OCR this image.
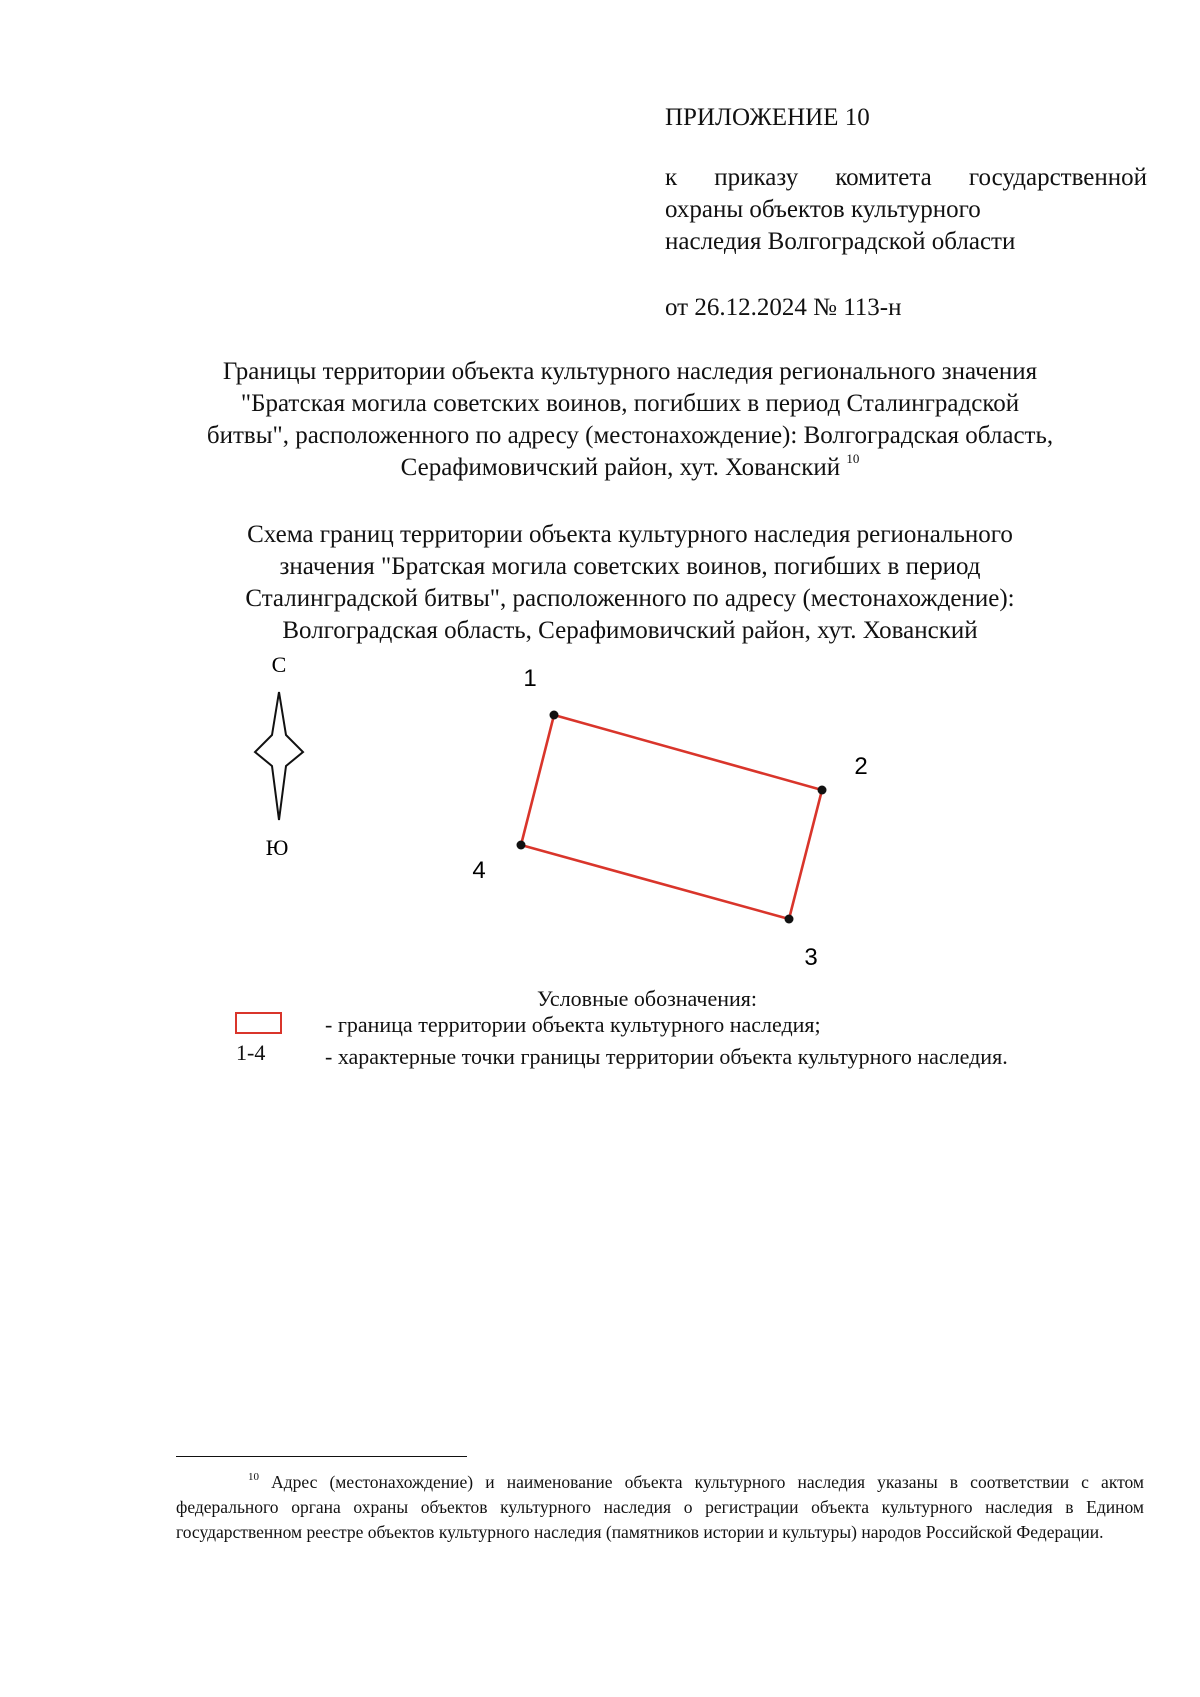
ПРИЛОЖЕНИЕ 10
к приказу комитета государственной
охраны объектов культурного
наследия Волгоградской области
от 26.12.2024 № 113-н
Границы территории объекта культурного наследия регионального значения
"Братская могила советских воинов, погибших в период Сталинградской
битвы", расположенного по адресу (местонахождение): Волгоградская область,
Серафимовичский район, хут. Хованский $^{10}$
Схема границ территории объекта культурного наследия регионального
значения "Братская могила советских воинов, погибших в период
Сталинградской битвы", расположенного по адресу (местонахождение):
Волгоградская область, Серафимовичский район, хут. Хованский
С
Ю
1
2
3
4
Условные обозначения:
- граница территории объекта культурного наследия;
1-4	- характерные точки границы территории объекта культурного наследия.
$^{10}$ Адрес (местонахождение) и наименование объекта культурного наследия указаны в соответствии с актом федерального органа охраны объектов культурного наследия о регистрации объекта культурного наследия в Едином государственном реестре объектов культурного наследия (памятников истории и культуры) народов Российской Федерации.
